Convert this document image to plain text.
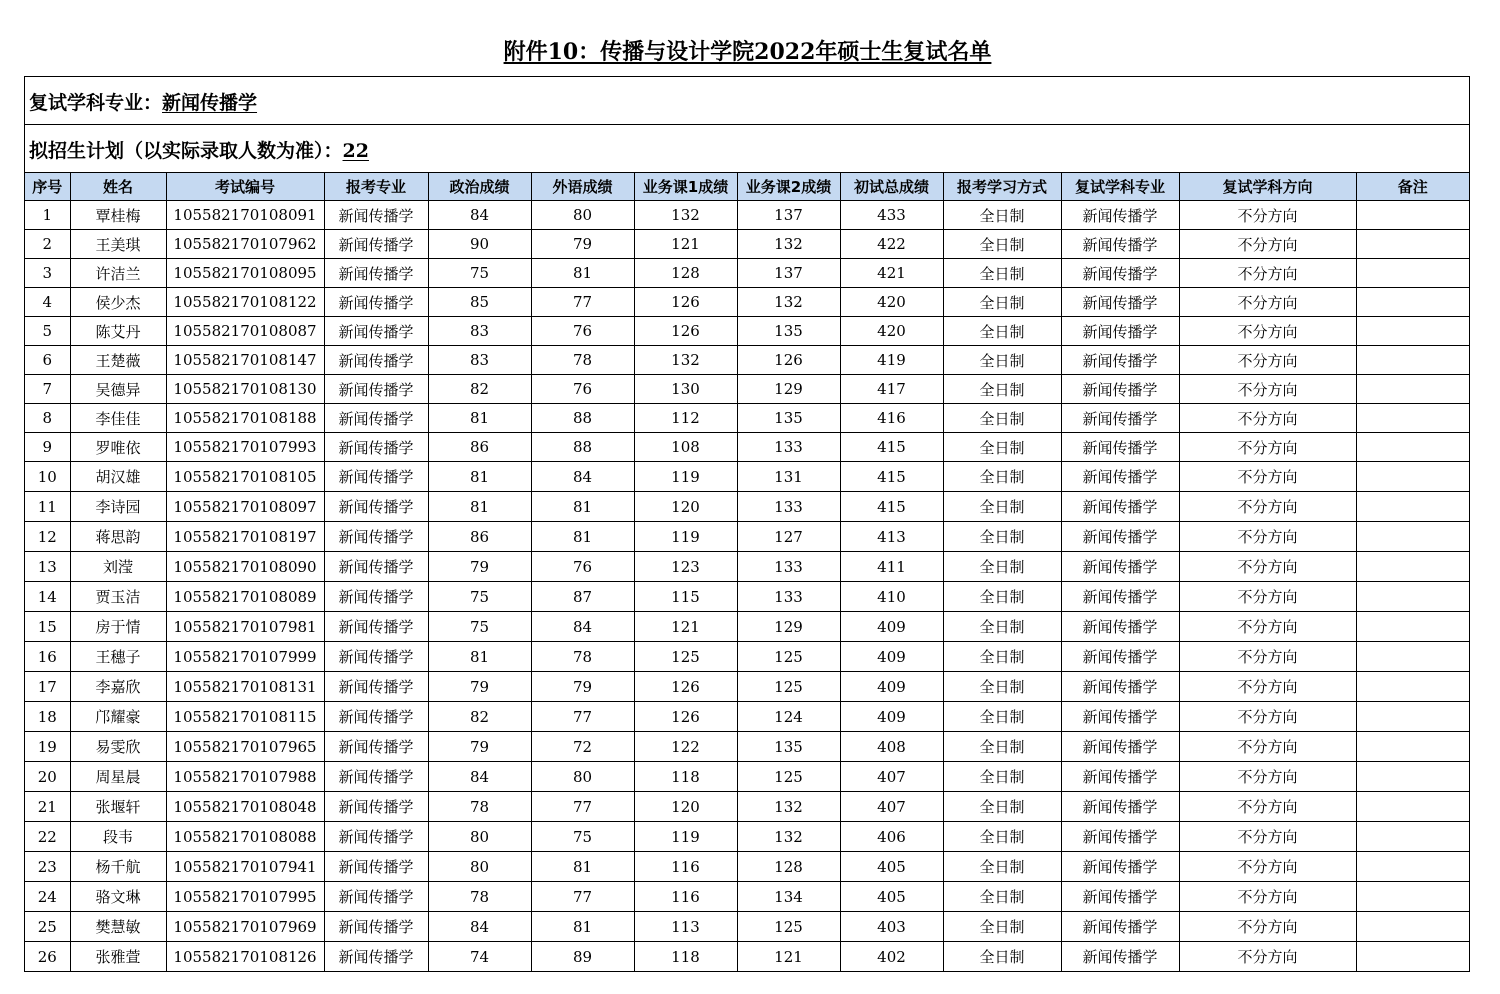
附件10：传播与设计学院2022年硕士生复试名单
复试学科专业：新闻传播学
拟招生计划（以实际录取人数为准）：22
序号	姓名	考试编号	报考专业	政治成绩	外语成绩	业务课1成绩	业务课2成绩	初试总成绩	报考学习方式	复试学科专业	复试学科方向	备注
1	覃桂梅	105582170108091	新闻传播学	84	80	132	137	433	全日制	新闻传播学	不分方向	
2	王美琪	105582170107962	新闻传播学	90	79	121	132	422	全日制	新闻传播学	不分方向	
3	许洁兰	105582170108095	新闻传播学	75	81	128	137	421	全日制	新闻传播学	不分方向	
4	侯少杰	105582170108122	新闻传播学	85	77	126	132	420	全日制	新闻传播学	不分方向	
5	陈艾丹	105582170108087	新闻传播学	83	76	126	135	420	全日制	新闻传播学	不分方向	
6	王楚薇	105582170108147	新闻传播学	83	78	132	126	419	全日制	新闻传播学	不分方向	
7	吴德异	105582170108130	新闻传播学	82	76	130	129	417	全日制	新闻传播学	不分方向	
8	李佳佳	105582170108188	新闻传播学	81	88	112	135	416	全日制	新闻传播学	不分方向	
9	罗唯依	105582170107993	新闻传播学	86	88	108	133	415	全日制	新闻传播学	不分方向	
10	胡汉雄	105582170108105	新闻传播学	81	84	119	131	415	全日制	新闻传播学	不分方向	
11	李诗园	105582170108097	新闻传播学	81	81	120	133	415	全日制	新闻传播学	不分方向	
12	蒋思韵	105582170108197	新闻传播学	86	81	119	127	413	全日制	新闻传播学	不分方向	
13	刘滢	105582170108090	新闻传播学	79	76	123	133	411	全日制	新闻传播学	不分方向	
14	贾玉洁	105582170108089	新闻传播学	75	87	115	133	410	全日制	新闻传播学	不分方向	
15	房于情	105582170107981	新闻传播学	75	84	121	129	409	全日制	新闻传播学	不分方向	
16	王穗子	105582170107999	新闻传播学	81	78	125	125	409	全日制	新闻传播学	不分方向	
17	李嘉欣	105582170108131	新闻传播学	79	79	126	125	409	全日制	新闻传播学	不分方向	
18	邝耀豪	105582170108115	新闻传播学	82	77	126	124	409	全日制	新闻传播学	不分方向	
19	易雯欣	105582170107965	新闻传播学	79	72	122	135	408	全日制	新闻传播学	不分方向	
20	周星晨	105582170107988	新闻传播学	84	80	118	125	407	全日制	新闻传播学	不分方向	
21	张堰轩	105582170108048	新闻传播学	78	77	120	132	407	全日制	新闻传播学	不分方向	
22	段韦	105582170108088	新闻传播学	80	75	119	132	406	全日制	新闻传播学	不分方向	
23	杨千航	105582170107941	新闻传播学	80	81	116	128	405	全日制	新闻传播学	不分方向	
24	骆文琳	105582170107995	新闻传播学	78	77	116	134	405	全日制	新闻传播学	不分方向	
25	樊慧敏	105582170107969	新闻传播学	84	81	113	125	403	全日制	新闻传播学	不分方向	
26	张雅萱	105582170108126	新闻传播学	74	89	118	121	402	全日制	新闻传播学	不分方向	
